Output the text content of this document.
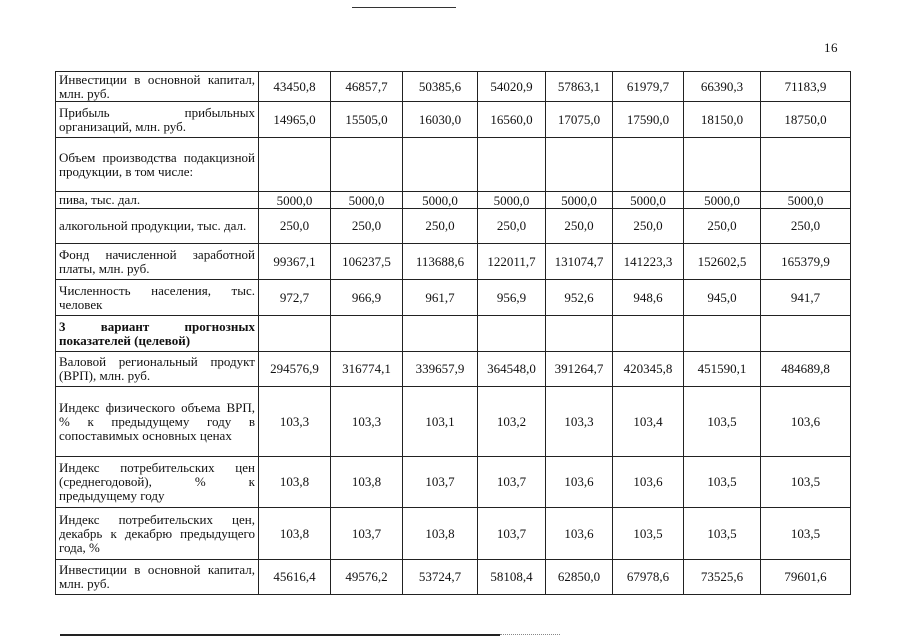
16
Инвестиции в основной капитал, млн. руб.	43450,8	46857,7	50385,6	54020,9	57863,1	61979,7	66390,3	71183,9
Прибыль прибыльных организаций, млн. руб.	14965,0	15505,0	16030,0	16560,0	17075,0	17590,0	18150,0	18750,0
Объем производства подакцизной продукции, в том числе:								
пива, тыс. дал.	5000,0	5000,0	5000,0	5000,0	5000,0	5000,0	5000,0	5000,0
алкогольной продукции, тыс. дал.	250,0	250,0	250,0	250,0	250,0	250,0	250,0	250,0
Фонд начисленной заработной платы, млн. руб.	99367,1	106237,5	113688,6	122011,7	131074,7	141223,3	152602,5	165379,9
Численность населения, тыс. человек	972,7	966,9	961,7	956,9	952,6	948,6	945,0	941,7
3 вариант прогнозных показателей (целевой)								
Валовой региональный продукт (ВРП), млн. руб.	294576,9	316774,1	339657,9	364548,0	391264,7	420345,8	451590,1	484689,8
Индекс физического объема ВРП, % к предыдущему году в сопоставимых основных ценах	103,3	103,3	103,1	103,2	103,3	103,4	103,5	103,6
Индекс потребительских цен (среднегодовой), % к предыдущему году	103,8	103,8	103,7	103,7	103,6	103,6	103,5	103,5
Индекс потребительских цен, декабрь к декабрю предыдущего года, %	103,8	103,7	103,8	103,7	103,6	103,5	103,5	103,5
Инвестиции в основной капитал, млн. руб.	45616,4	49576,2	53724,7	58108,4	62850,0	67978,6	73525,6	79601,6
